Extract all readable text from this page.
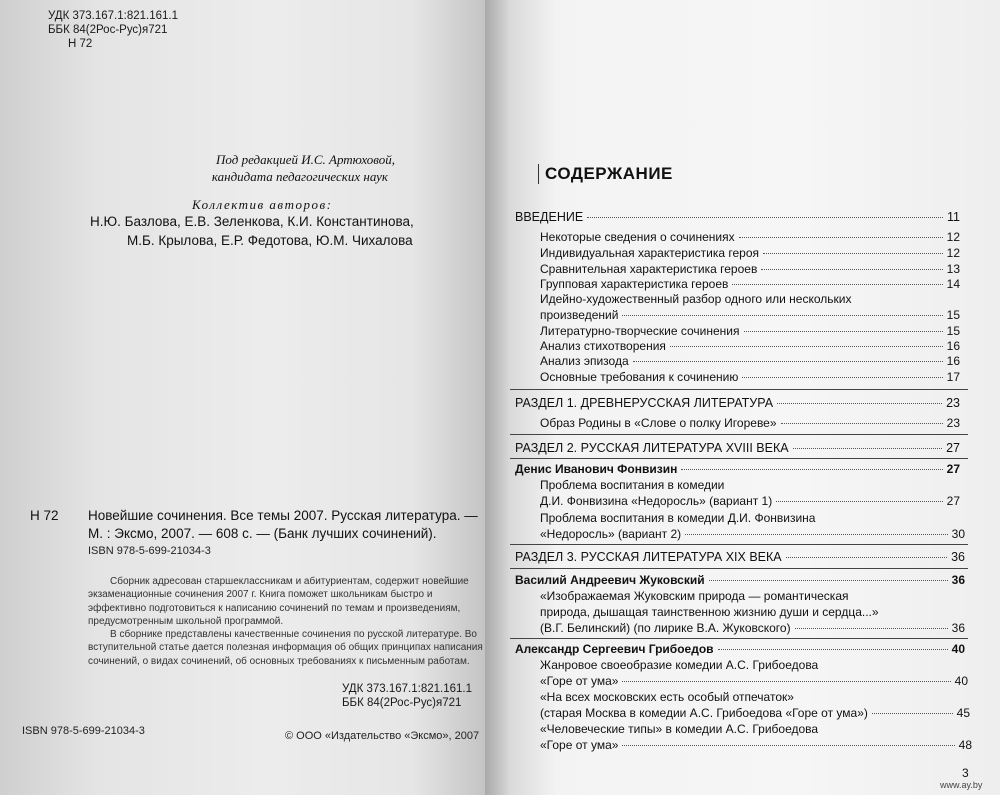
УДК 373.167.1:821.161.1
ББК 84(2Рос-Рус)я721
Н 72
Под редакцией И.С. Артюховой,
кандидата педагогических наук
Коллектив авторов:
Н.Ю. Базлова, Е.В. Зеленкова, К.И. Константинова,
М.Б. Крылова, Е.Р. Федотова, Ю.М. Чихалова
Н 72 Новейшие сочинения. Все темы 2007. Русская литература. —
М. : Эксмо, 2007. — 608 с. — (Банк лучших сочинений).
ISBN 978-5-699-21034-3

Сборник адресован старшеклассникам и абитуриентам, содержит новейшие экзаменационные сочинения 2007 г. Книга поможет школьникам быстро и эффективно подготовиться к написанию сочинений по темам и произведениям, предусмотренным школьной программой.

В сборнике представлены качественные сочинения по русской литературе. Во вступительной статье дается полезная информация об общих принципах написания сочинений, о видах сочинений, об основных требованиях к письменным работам.

УДК 373.167.1:821.161.1
ББК 84(2Рос-Рус)я721
ISBN 978-5-699-21034-3	© ООО «Издательство «Эксмо», 2007
СОДЕРЖАНИЕ
ВВЕДЕНИЕ	11
Некоторые сведения о сочинениях	12
Индивидуальная характеристика героя	12
Сравнительная характеристика героев	13
Групповая характеристика героев	14
Идейно-художественный разбор одного или нескольких
произведений	15
Литературно-творческие сочинения	15
Анализ стихотворения	16
Анализ эпизода	16
Основные требования к сочинению	17
РАЗДЕЛ 1. ДРЕВНЕРУССКАЯ ЛИТЕРАТУРА	23
Образ Родины в «Слове о полку Игореве»	23
РАЗДЕЛ 2. РУССКАЯ ЛИТЕРАТУРА XVIII ВЕКА	27
Денис Иванович Фонвизин	27
Проблема воспитания в комедии
Д.И. Фонвизина «Недоросль» (вариант 1)	27
Проблема воспитания в комедии Д.И. Фонвизина
«Недоросль» (вариант 2)	30
РАЗДЕЛ 3. РУССКАЯ ЛИТЕРАТУРА XIX ВЕКА	36
Василий Андреевич Жуковский	36
«Изображаемая Жуковским природа — романтическая
природа, дышащая таинственною жизнию души и сердца...»
(В.Г. Белинский) (по лирике В.А. Жуковского)	36
Александр Сергеевич Грибоедов	40
Жанровое своеобразие комедии А.С. Грибоедова
«Горе от ума»	40
«На всех московских есть особый отпечаток»
(старая Москва в комедии А.С. Грибоедова «Горе от ума»)	45
«Человеческие типы» в комедии А.С. Грибоедова
«Горе от ума»	48
3
www.ay.by
